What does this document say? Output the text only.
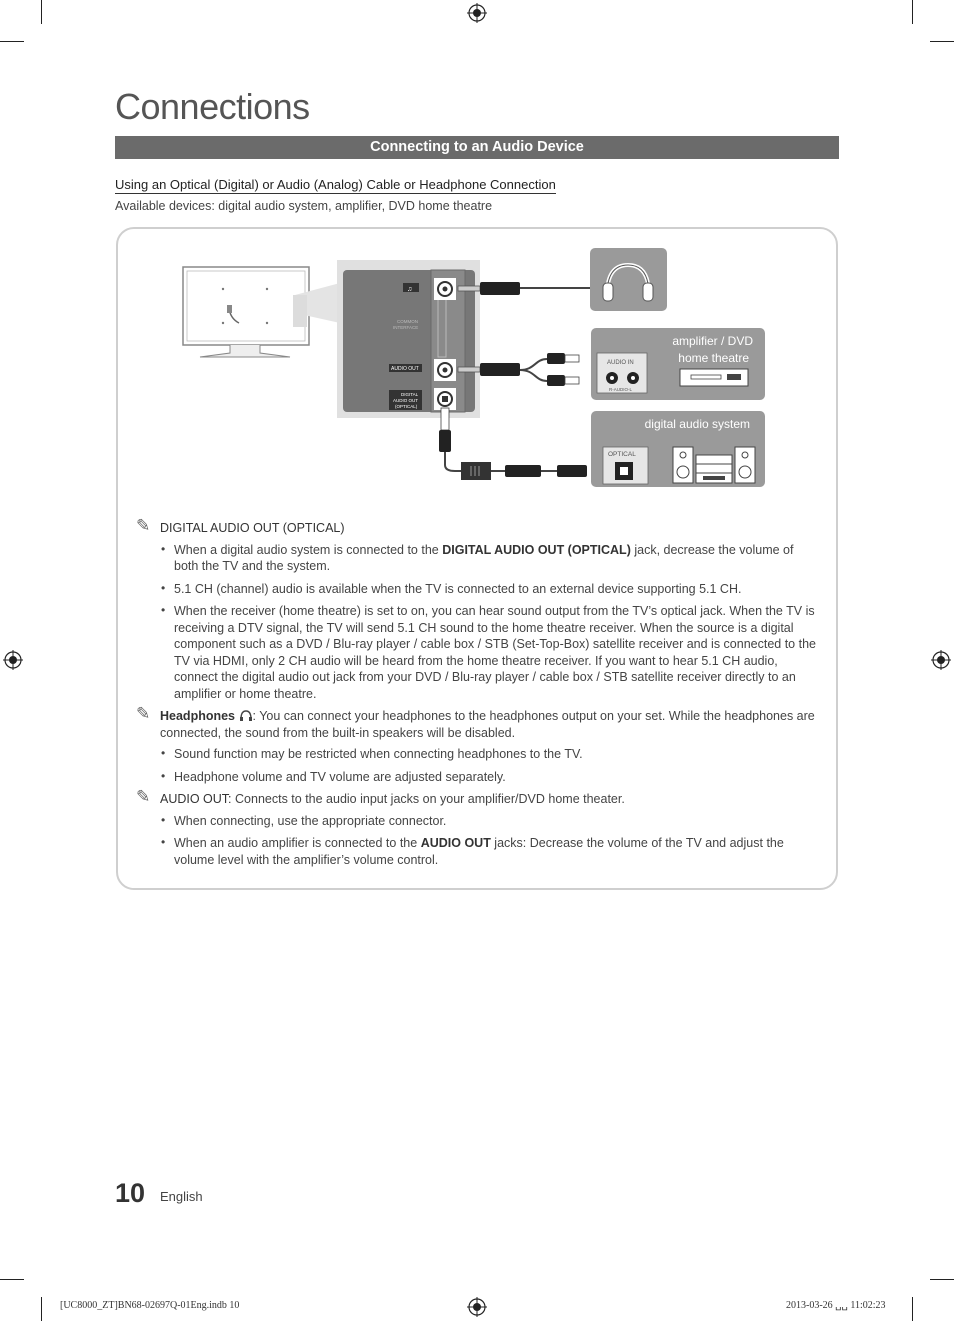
Connections
Connecting to an Audio Device
Using an Optical (Digital) or Audio (Analog) Cable or Headphone Connection
Available devices: digital audio system, amplifier, DVD home theatre
♫
COMMON
INTERFACE
AUDIO OUT
DIGITAL
AUDIO OUT
(OPTICAL)
amplifier / DVD
home theatre
AUDIO IN
R-AUDIO-L
digital audio system
OPTICAL
✎ DIGITAL AUDIO OUT (OPTICAL)
• When a digital audio system is connected to the DIGITAL AUDIO OUT (OPTICAL) jack, decrease the volume of both the TV and the system.
• 5.1 CH (channel) audio is available when the TV is connected to an external device supporting 5.1 CH.
• When the receiver (home theatre) is set to on, you can hear sound output from the TV’s optical jack. When the TV is receiving a DTV signal, the TV will send 5.1 CH sound to the home theatre receiver. When the source is a digital component such as a DVD / Blu-ray player / cable box / STB (Set-Top-Box) satellite receiver and is connected to the TV via HDMI, only 2 CH audio will be heard from the home theatre receiver. If you want to hear 5.1 CH audio, connect the digital audio out jack from your DVD / Blu-ray player / cable box / STB satellite receiver directly to an amplifier or home theatre.
✎ Headphones : You can connect your headphones to the headphones output on your set. While the headphones are connected, the sound from the built-in speakers will be disabled.
• Sound function may be restricted when connecting headphones to the TV.
• Headphone volume and TV volume are adjusted separately.
✎ AUDIO OUT: Connects to the audio input jacks on your amplifier/DVD home theater.
• When connecting, use the appropriate connector.
• When an audio amplifier is connected to the AUDIO OUT jacks: Decrease the volume of the TV and adjust the volume level with the amplifier’s volume control.
10 English
[UC8000_ZT]BN68-02697Q-01Eng.indb 10	2013-03-26 ␣␣ 11:02:23
